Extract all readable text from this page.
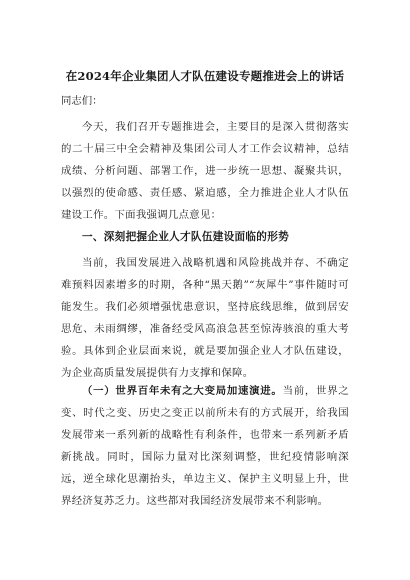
在2024年企业集团人才队伍建设专题推进会上的讲话
同志们：
今天，我们召开专题推进会，主要目的是深入贯彻落实的二十届三中全会精神及集团公司人才工作会议精神，总结成绩、分析问题、部署工作，进一步统一思想、凝聚共识，以强烈的使命感、责任感、紧迫感，全力推进企业人才队伍建设工作。下面我强调几点意见：
一、深刻把握企业人才队伍建设面临的形势
当前，我国发展进入战略机遇和风险挑战并存、不确定难预料因素增多的时期，各种“黑天鹅”“灰犀牛”事件随时可能发生。我们必须增强忧患意识，坚持底线思维，做到居安思危、未雨绸缪，准备经受风高浪急甚至惊涛骇浪的重大考验。具体到企业层面来说，就是要加强企业人才队伍建设，为企业高质量发展提供有力支撑和保障。
（一）世界百年未有之大变局加速演进。当前，世界之变、时代之变、历史之变正以前所未有的方式展开，给我国发展带来一系列新的战略性有利条件，也带来一系列新矛盾新挑战。同时，国际力量对比深刻调整，世纪疫情影响深远，逆全球化思潮抬头，单边主义、保护主义明显上升，世界经济复苏乏力。这些都对我国经济发展带来不利影响。
